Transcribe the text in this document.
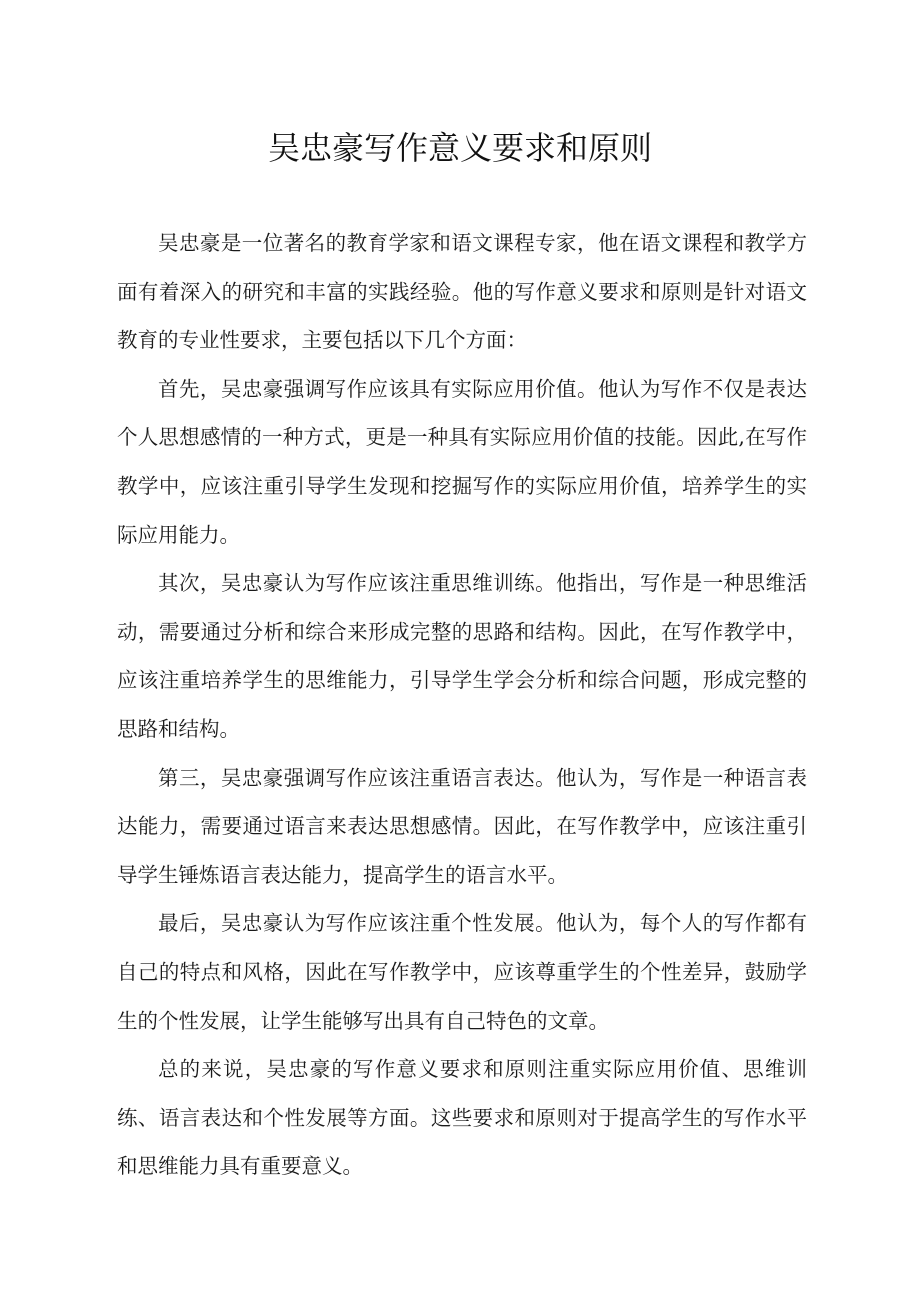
吴忠豪写作意义要求和原则

吴忠豪是一位著名的教育学家和语文课程专家，他在语文课程和教学方面有着深入的研究和丰富的实践经验。他的写作意义要求和原则是针对语文教育的专业性要求，主要包括以下几个方面：

首先，吴忠豪强调写作应该具有实际应用价值。他认为写作不仅是表达个人思想感情的一种方式，更是一种具有实际应用价值的技能。因此,在写作教学中，应该注重引导学生发现和挖掘写作的实际应用价值，培养学生的实际应用能力。

其次，吴忠豪认为写作应该注重思维训练。他指出，写作是一种思维活动，需要通过分析和综合来形成完整的思路和结构。因此，在写作教学中，应该注重培养学生的思维能力，引导学生学会分析和综合问题，形成完整的思路和结构。

第三，吴忠豪强调写作应该注重语言表达。他认为，写作是一种语言表达能力，需要通过语言来表达思想感情。因此，在写作教学中，应该注重引导学生锤炼语言表达能力，提高学生的语言水平。

最后，吴忠豪认为写作应该注重个性发展。他认为，每个人的写作都有自己的特点和风格，因此在写作教学中，应该尊重学生的个性差异，鼓励学生的个性发展，让学生能够写出具有自己特色的文章。

总的来说，吴忠豪的写作意义要求和原则注重实际应用价值、思维训练、语言表达和个性发展等方面。这些要求和原则对于提高学生的写作水平和思维能力具有重要意义。
